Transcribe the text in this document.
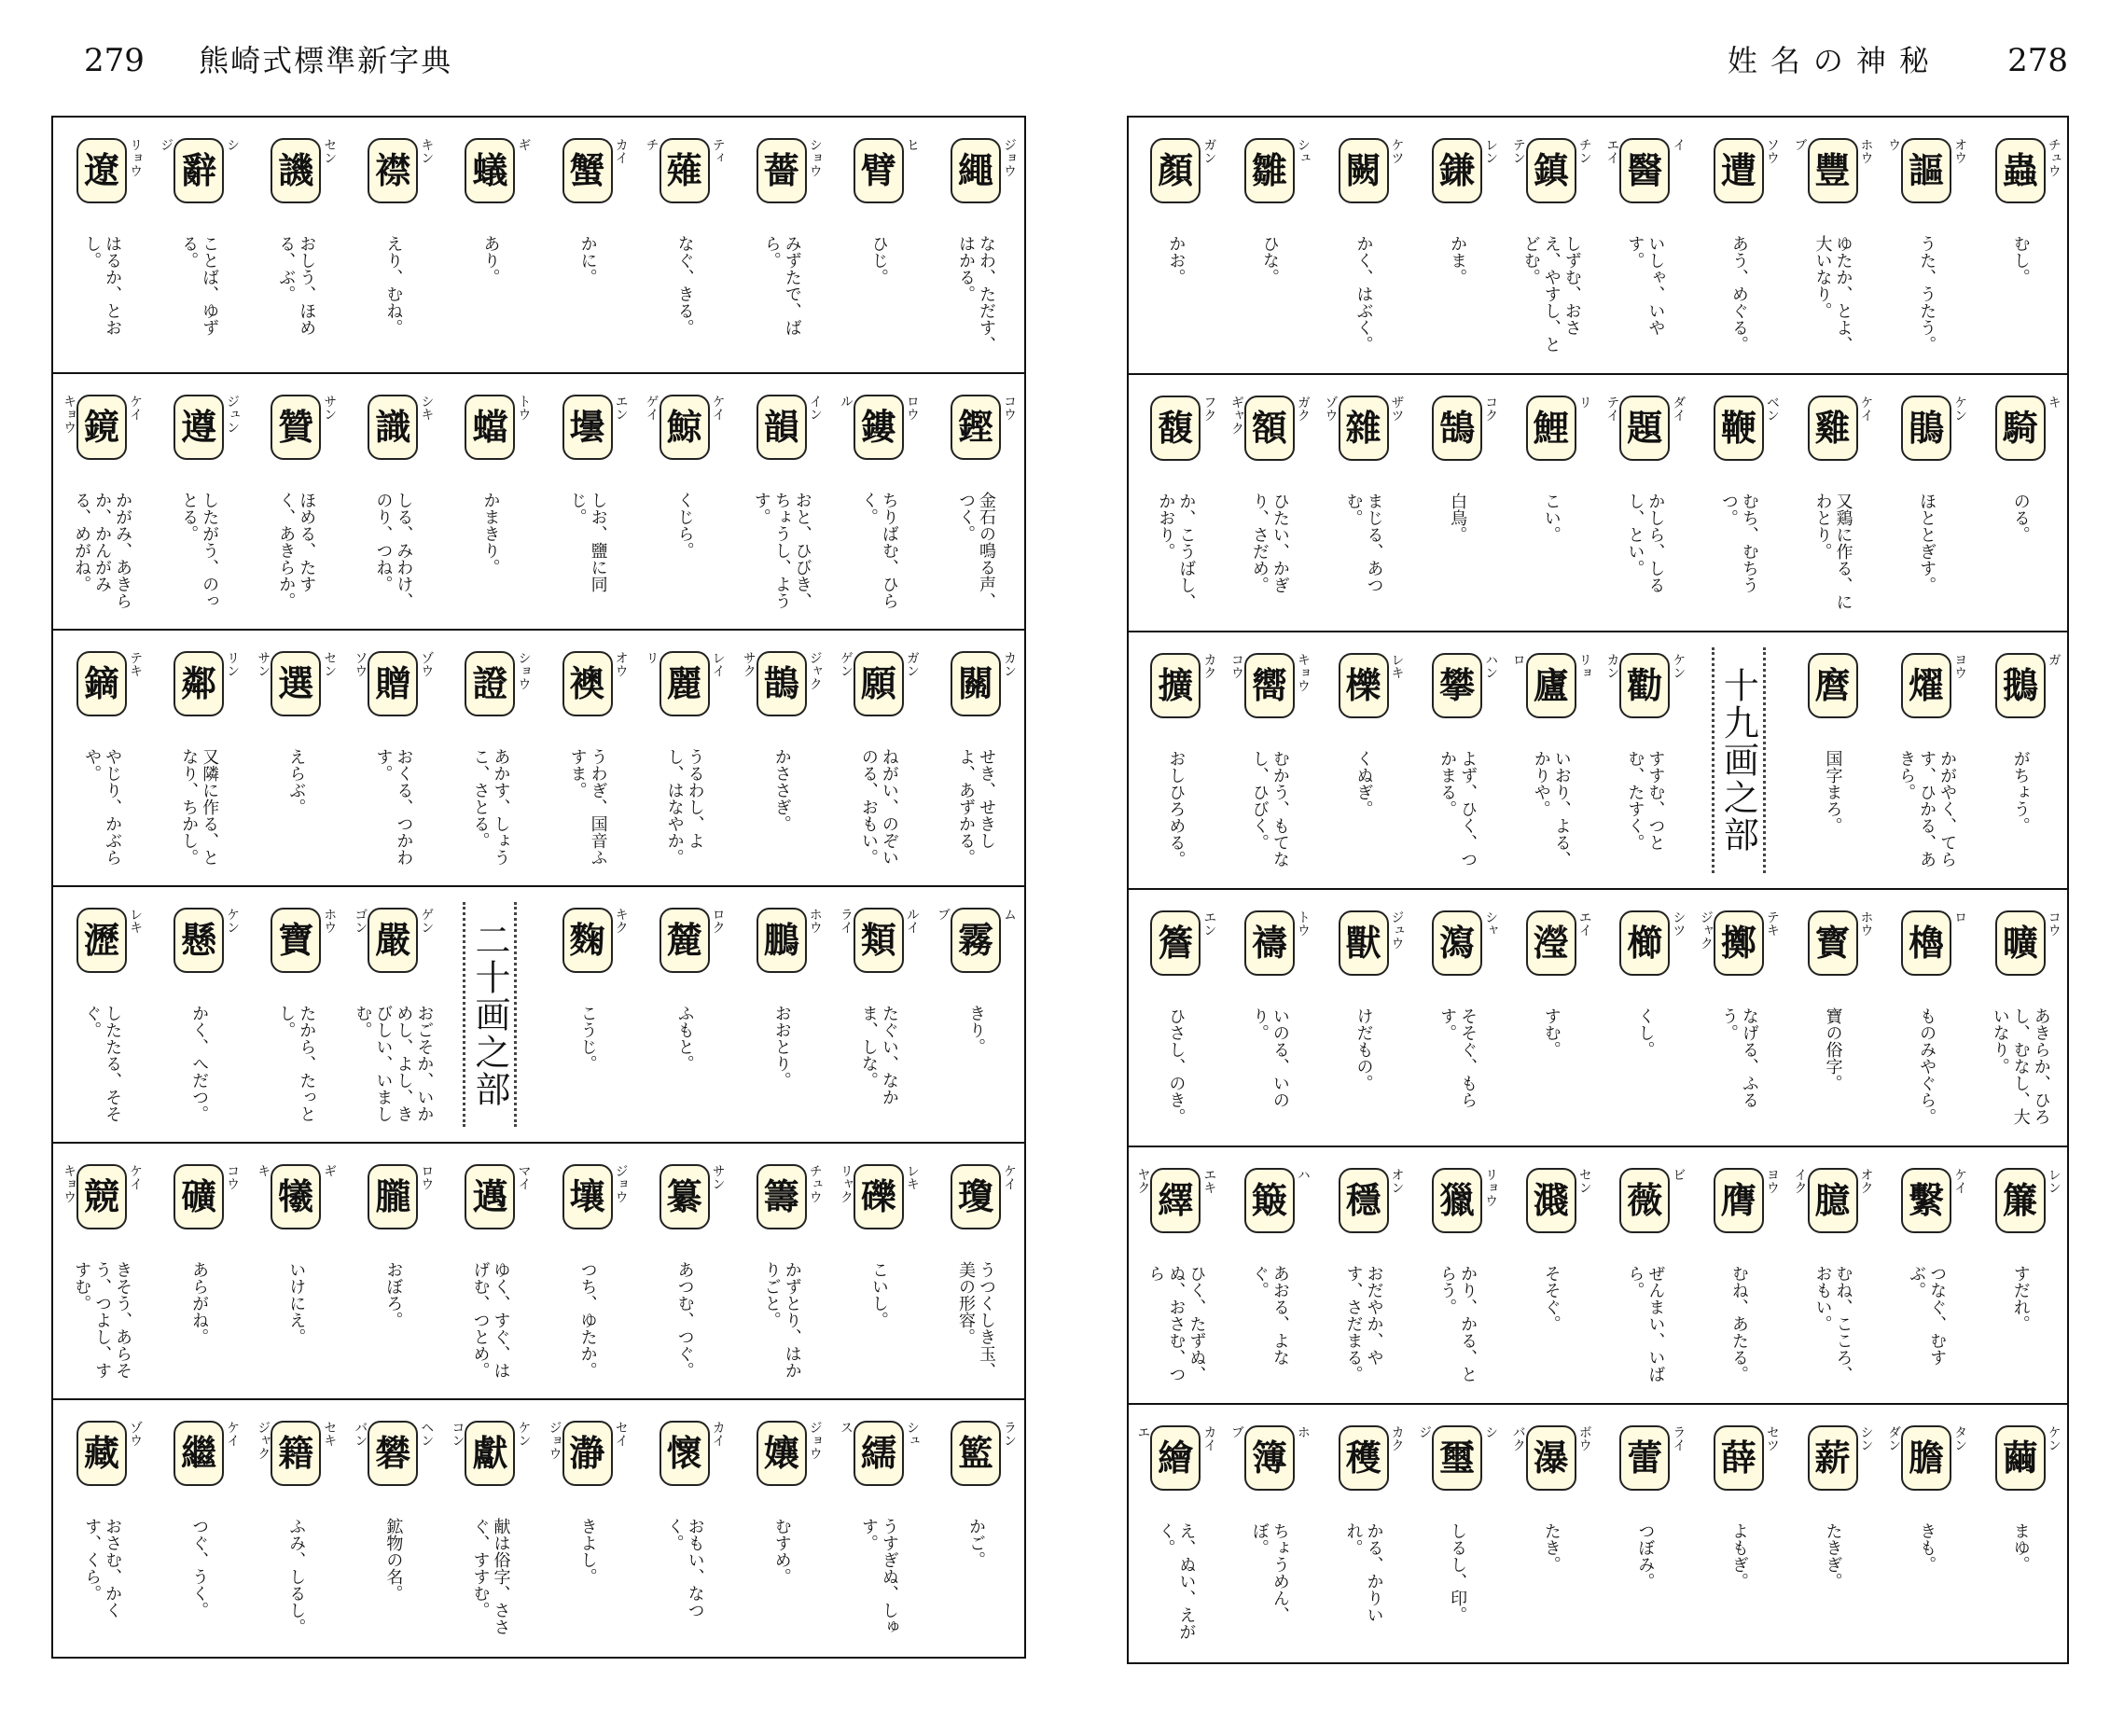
279 熊崎式標準新字典	姓名の神秘 278
繩 ジョウ
なわ、ただす、はかる。
臂
ヒ
ひじ。
薔 ショウ
みずたで、ばら。
薙 ティ
チ
なぐ、きる。
蟹 カイ
かに。
蟻
ギ
あり。
襟 キン
えり、むね。
譏 セン
おしう、ほめる、ぶ。
辭
シ
ジ
ことば、ゆずる。
遼 リョウ
はるか、とおし。
鏗 コウ
金石の鳴る声、つく。
鏤 ロウ
ル
ちりばむ、ひらく。
韻 イン
おと、ひびき、ちょうし、ようす。
鯨 ケイ
ゲイ
くじら。
壜 エン
しお、鹽に同じ。
蟷 トウ
かまきり。
識 シキ
しる、みわけ、のり、つね。
贊 サン
ほめる、たすく、あきらか。
遵 ジュン
したがう、のっとる。
鏡 ケイ
キョウ
かがみ、あきらか、かんがみる、めがね。
關 カン
せき、せきしよ、あずかる。
願 ガン
ゲン
ねがい、のぞいのる、おもい。
鵲 ジャク
サク
かささぎ。
麗 レイ
リ
うるわし、よし、はなやか。
襖 オウ
うわぎ、国音ふすま。
證 ショウ
あかす、しょうこ、さとる。
贈 ゾウ
ソウ
おくる、つかわす。
選 セン
サン
えらぶ。
鄰 リン
又隣に作る、となり、ちかし。
鏑 テキ
やじり、かぶらや。
霧
ム
ブ
きり。
類 ルイ
ライ
たぐい、なかま、しな。
鵬 ホウ
おおとり。
麓 ロク
ふもと。
麴 キク
こうじ。
二十画之部
嚴 ゲン
ゴン
おごそか、いかめし、よし、きびしい、いましむ。
寶 ホウ
たから、たっとし。
懸 ケン
かく、へだつ。
瀝 レキ
したたる、そそぐ。
瓊 ケイ
うつくしき玉、美の形容。
礫 レキ
リャク
こいし。
籌 チュウ
かずとり、はかりごと。
纂 サン
あつむ、つぐ。
壤 ジョウ
つち、ゆたか。
邁 マイ
ゆく、すぐ、はげむ、つとめ。
朧 ロウ
おぼろ。
犧
ギ
キ
いけにえ。
礦 コウ
あらがね。
競 ケイ
キョウ
きそう、あらそう、つよし、すすむ。
籃 ラン
かご。
繻 シュ
ス
うすぎぬ、しゅす。
孃 ジョウ
むすめ。
懷 カイ
おもい、なつく。
瀞 セイ
ジョウ
きよし。
獻 ケン
コン
献は俗字、ささぐ、すすむ。
礬 ヘン
バン
鉱物の名。
籍 セキ
ジャク
ふみ、しるし。
繼 ケイ
つぐ、うく。
藏 ゾウ
おさむ、かくす、くら。
蟲 チュウ
むし。
謳 オウ
ウ
うた、うたう。
豐 ホウ
ブ
ゆたか、とよ、大いなり。
遭 ソウ
あう、めぐる。
醫
イ
エイ
いしゃ、いやす。
鎮 チン
テン
しずむ、おさえ、やすし、とどむ。
鎌 レン
かま。
闕 ケツ
かく、はぶく。
雛 シュ
ひな。
顏 ガン
かお。
騎
キ
のる。
鵑 ケン
ほととぎす。
雞 ケイ
又鶏に作る、にわとり。
鞭 ベン
むち、むちうつ。
題 ダイ
テイ
かしら、しるし、とい。
鯉
リ
こい。
鵠 コク
白鳥。
雜 ザツ
ゾウ
まじる、あつむ。
額 ガク
ギャク
ひたい、かぎり、さだめ。
馥 フク
か、こうばし、かおり。
鵝
ガ
がちょう。
燿 ヨウ
かがやく、てらす、ひかる、あきら。
麿
国字まろ。
十九画之部
勸 ケン
カン
すすむ、つとむ、たすく。
廬 リョ
ロ
いおり、よる、かりや。
攀 ハン
よず、ひく、つかまる。
櫟 レキ
くぬぎ。
嚮 キョウ
コウ
むかう、もてなし、ひびく。
擴 カク
おしひろめる。
曠 コウ
あきらか、ひろし、むなし、大いなり。
櫓
ロ
ものみやぐら。
寳 ホウ
寶の俗字。
擲 テキ
ジャク
なげる、ふるう。
櫛 シツ
くし。
瀅 エイ
すむ。
瀉 シャ
そそぐ、もらす。
獸 ジュウ
けだもの。
禱 トウ
いのる、いのり。
簷 エン
ひさし、のき。
簾 レン
すだれ。
繫 ケイ
つなぐ、むすぶ。
臆 オク
イク
むね、こころ、おもい。
膺 ヨウ
むね、あたる。
薇
ビ
ぜんまい、いばら。
濺 セン
そそぐ。
獵 リョウ
かり、かる、とらう。
穩 オン
おだやか、やす、さだまる。
簸
ハ
あおる、よなぐ。
繹 エキ
ヤク
ひく、たずぬ、ぬ、おさむ、つら
繭 ケン
まゆ。
膽 タン
ダン
きも。
薪 シン
たきぎ。
薛 セツ
よもぎ。
蕾 ライ
つぼみ。
瀑 ボウ
バク
たき。
璽
シ
ジ
しるし、印。
穫 カク
かる、かりいれ。
簿
ホ
ブ
ちょうめん、ぼ。
繪 カイ
エ
え、ぬい、えがく。
